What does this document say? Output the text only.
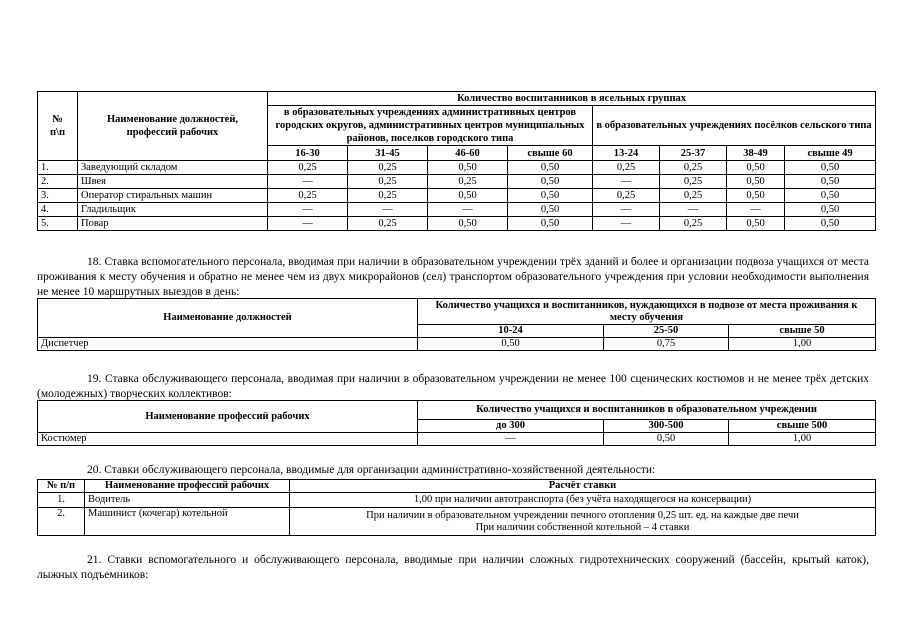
№
п\п	Наименование должностей, профессий рабочих	Количество воспитанников в ясельных группах							
		в образовательных учреждениях административных центров городских округов, административных центров муниципальных районов, поселков городского типа				в образовательных учреждениях посёлков сельского типа			
		16-30	31-45	46-60	свыше 60	13-24	25-37	38-49	свыше 49
1.	Заведующий складом	0,25	0,25	0,50	0,50	0,25	0,25	0,50	0,50
2.	Швея	—	0,25	0,25	0,50	—	0,25	0,50	0,50
3.	Оператор стиральных машин	0,25	0,25	0,50	0,50	0,25	0,25	0,50	0,50
4.	Гладильщик	—	—	—	0,50	—	—	—	0,50
5.	Повар	—	0,25	0,50	0,50	—	0,25	0,50	0,50

18. Ставка вспомогательного персонала, вводимая при наличии в образовательном учреждении трёх зданий и более и организации подвоза учащихся от места проживания к месту обучения и обратно не менее чем из двух микрорайонов (сел) транспортом образовательного учреждения при условии необходимости выполнения не менее 10 маршрутных выездов в день:

Наименование должностей	Количество учащихся и воспитанников, нуждающихся в подвозе от места проживания к месту обучения		
	10-24	25-50	свыше 50
Диспетчер	0,50	0,75	1,00

19. Ставка обслуживающего персонала, вводимая при наличии в образовательном учреждении не менее 100 сценических костюмов и не менее трёх детских (молодежных) творческих коллективов:

Наименование профессий рабочих	Количество учащихся и воспитанников в образовательном учреждении		
	до 300	300-500	свыше 500
Костюмер	—	0,50	1,00

20. Ставки обслуживающего персонала, вводимые для организации административно-хозяйственной деятельности:

№ п/п	Наименование профессий рабочих	Расчёт ставки
1.	Водитель	1,00 при наличии автотранспорта (без учёта находящегося на консервации)
2.	Машинист (кочегар) котельной	При наличии в образовательном учреждении печного отопления 0,25 шт. ед. на каждые две печи
При наличии собственной котельной – 4 ставки

21. Ставки вспомогательного и обслуживающего персонала, вводимые при наличии сложных гидротехнических сооружений (бассейн, крытый каток), лыжных подъемников:
